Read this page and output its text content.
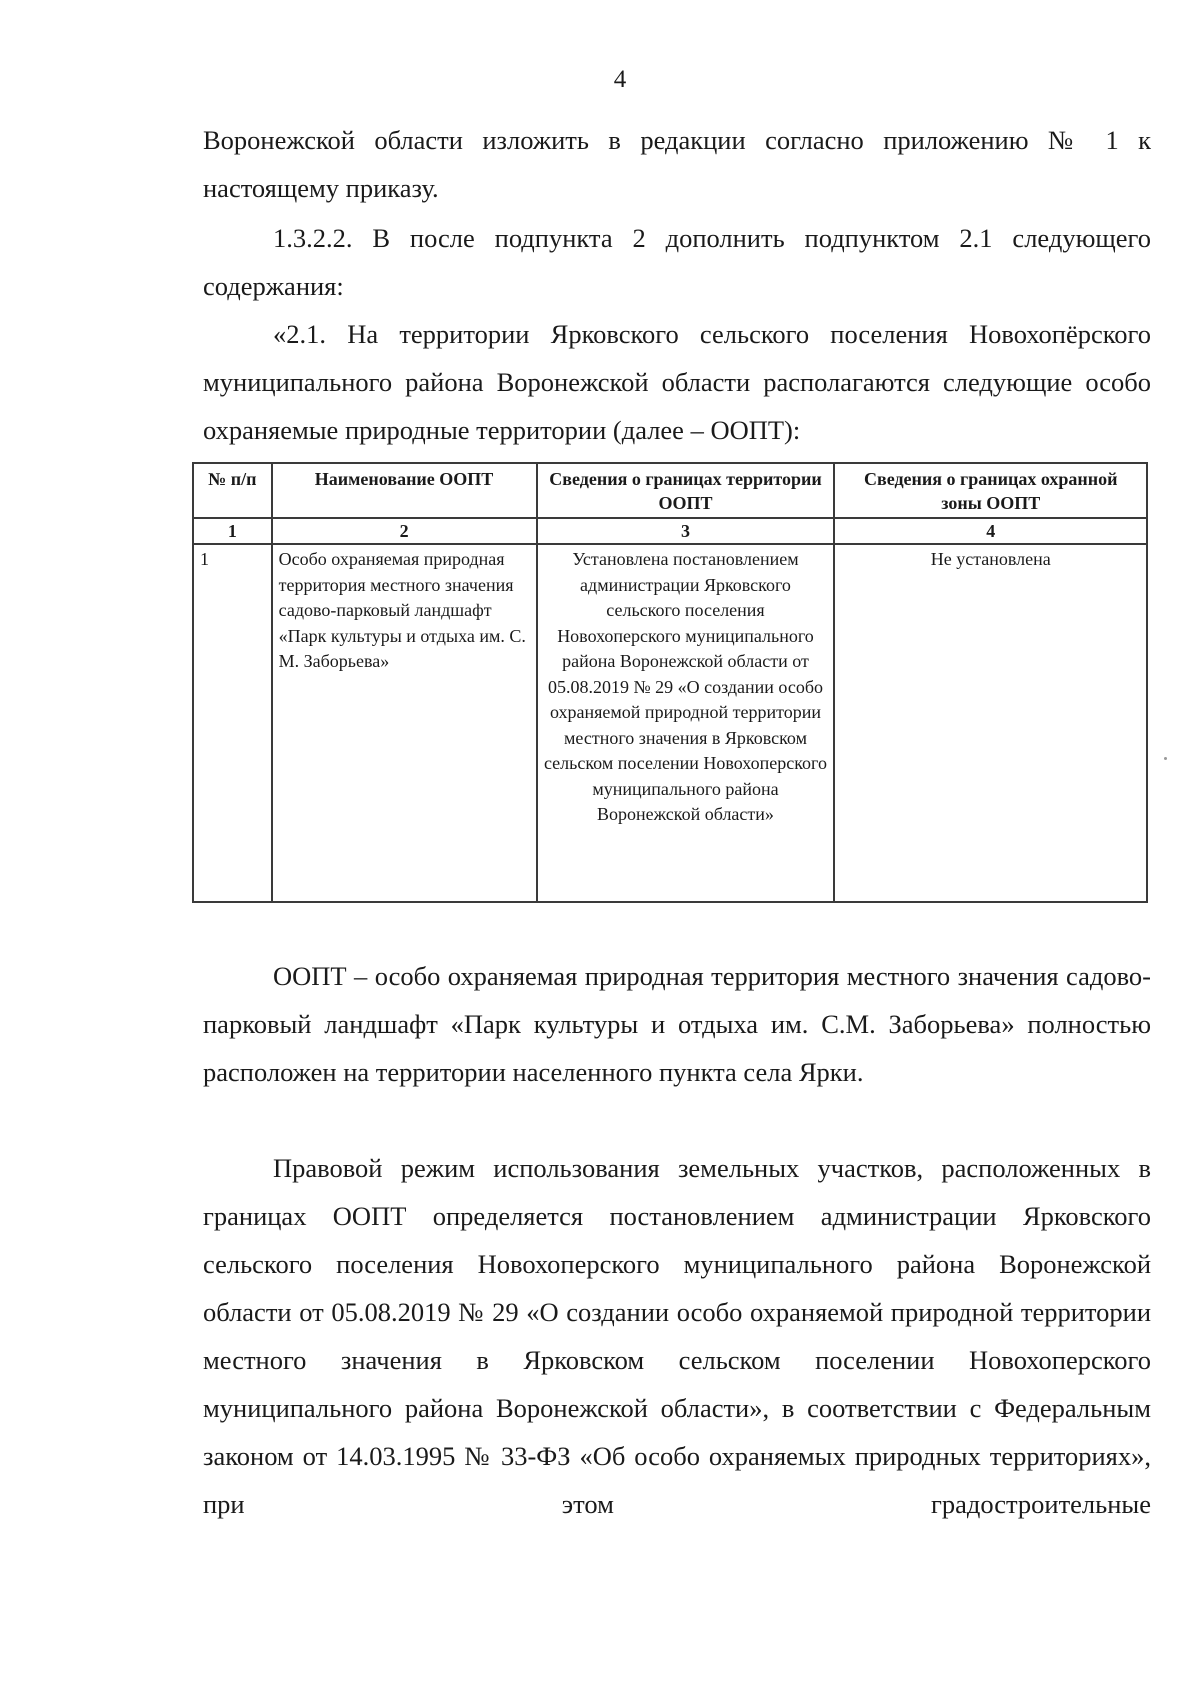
4

Воронежской области изложить в редакции согласно приложению № 1 к настоящему приказу.

1.3.2.2. В после подпункта 2 дополнить подпунктом 2.1 следующего содержания:

«2.1. На территории Ярковского сельского поселения Новохопёрского муниципального района Воронежской области располагаются следующие особо охраняемые природные территории (далее – ООПТ):

№ п/п	Наименование ООПТ	Сведения о границах территории ООПТ	Сведения о границах охранной зоны ООПТ
1	2	3	4
1	Особо охраняемая природная территория местного значения садово-парковый ландшафт «Парк культуры и отдыха им. С. М. Заборьева»	Установлена постановлением администрации Ярковского сельского поселения Новохоперского муниципального района Воронежской области от 05.08.2019 № 29 «О создании особо охраняемой природной территории местного значения в Ярковском сельском поселении Новохоперского муниципального района Воронежской области»	Не установлена

ООПТ – особо охраняемая природная территория местного значения садово-парковый ландшафт «Парк культуры и отдыха им. С.М. Заборьева» полностью расположен на территории населенного пункта села Ярки.

Правовой режим использования земельных участков, расположенных в границах ООПТ определяется постановлением администрации Ярковского сельского поселения Новохоперского муниципального района Воронежской области от 05.08.2019 № 29 «О создании особо охраняемой природной территории местного значения в Ярковском сельском поселении Новохоперского муниципального района Воронежской области», в соответствии с Федеральным законом от 14.03.1995 № 33-ФЗ «Об особо охраняемых природных территориях», при этом градостроительные
